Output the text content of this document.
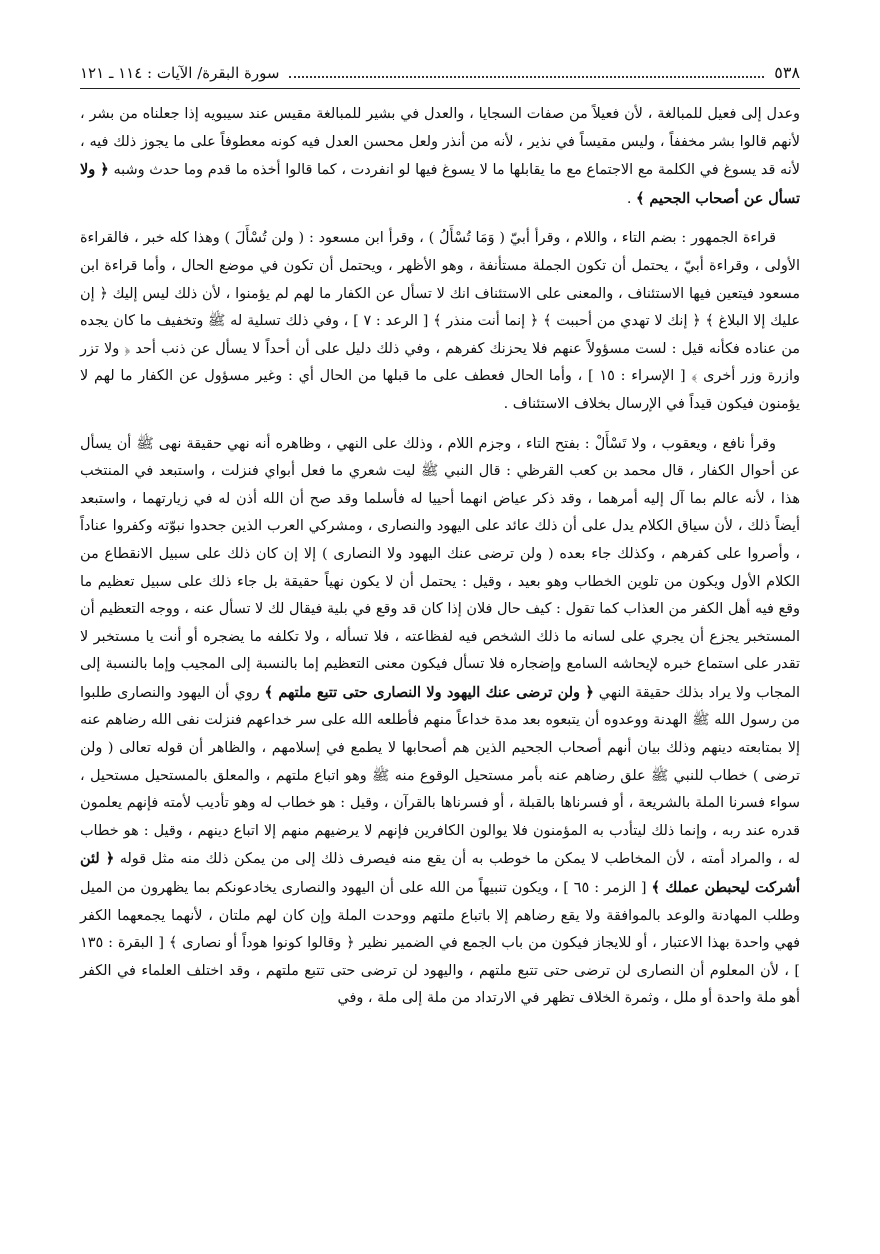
٥٣٨
سورة البقرة/ الآيات : ١١٤ ـ ١٢١

وعدل إلى فعيل للمبالغة ، لأن فعيلاً من صفات السجايا ، والعدل في بشير للمبالغة مقيس عند سيبويه إذا جعلناه من بشر ، لأنهم قالوا بشر مخففاً ، وليس مقيساً في نذير ، لأنه من أنذر ولعل محسن العدل فيه كونه معطوفاً على ما يجوز ذلك فيه ، لأنه قد يسوغ في الكلمة مع الاجتماع مع ما يقابلها ما لا يسوغ فيها لو انفردت ، كما قالوا أخذه ما قدم وما حدث وشبه ﴿ ولا تسأل عن أصحاب الجحيم ﴾ .

قراءة الجمهور : بضم التاء ، واللام ، وقرأ أبيّ ( وَمَا تُسْأَلُ ) ، وقرأ ابن مسعود : ( ولن تُسْأَلَ ) وهذا كله خبر ، فالقراءة الأولى ، وقراءة أبيّ ، يحتمل أن تكون الجملة مستأنفة ، وهو الأظهر ، ويحتمل أن تكون في موضع الحال ، وأما قراءة ابن مسعود فيتعين فيها الاستئناف ، والمعنى على الاستئناف انك لا تسأل عن الكفار ما لهم لم يؤمنوا ، لأن ذلك ليس إليك ﴿ إن عليك إلا البلاغ ﴾ ﴿ إنك لا تهدي من أحببت ﴾ ﴿ إنما أنت منذر ﴾ [ الرعد : ٧ ] ، وفي ذلك تسلية له ﷺ وتخفيف ما كان يجده من عناده فكأنه قيل : لست مسؤولاً عنهم فلا يحزنك كفرهم ، وفي ذلك دليل على أن أحداً لا يسأل عن ذنب أحد ﴿ ولا تزر وازرة وزر أخرى ﴾ [ الإسراء : ١٥ ] ، وأما الحال فعطف على ما قبلها من الحال أي : وغير مسؤول عن الكفار ما لهم لا يؤمنون فيكون قيداً في الإرسال بخلاف الاستئناف .

وقرأ نافع ، ويعقوب ، ولا تَسْأَلْ : بفتح التاء ، وجزم اللام ، وذلك على النهي ، وظاهره أنه نهي حقيقة نهى ﷺ أن يسأل عن أحوال الكفار ، قال محمد بن كعب القرظي : قال النبي ﷺ ليت شعري ما فعل أبواي فنزلت ، واستبعد في المنتخب هذا ، لأنه عالم بما آل إليه أمرهما ، وقد ذكر عياض انهما أحييا له فأسلما وقد صح أن الله أذن له في زيارتهما ، واستبعد أيضاً ذلك ، لأن سياق الكلام يدل على أن ذلك عائد على اليهود والنصارى ، ومشركي العرب الذين جحدوا نبوّته وكفروا عناداً ، وأصروا على كفرهم ، وكذلك جاء بعده ( ولن ترضى عنك اليهود ولا النصارى ) إلا إن كان ذلك على سبيل الانقطاع من الكلام الأول ويكون من تلوين الخطاب وهو بعيد ، وقيل : يحتمل أن لا يكون نهياً حقيقة بل جاء ذلك على سبيل تعظيم ما وقع فيه أهل الكفر من العذاب كما تقول : كيف حال فلان إذا كان قد وقع في بلية فيقال لك لا تسأل عنه ، ووجه التعظيم أن المستخبر يجزع أن يجري على لسانه ما ذلك الشخص فيه لفظاعته ، فلا تسأله ، ولا تكلفه ما يضجره أو أنت يا مستخبر لا تقدر على استماع خبره لإيحاشه السامع وإضجاره فلا تسأل فيكون معنى التعظيم إما بالنسبة إلى المجيب وإما بالنسبة إلى المجاب ولا يراد بذلك حقيقة النهي ﴿ ولن ترضى عنك اليهود ولا النصارى حتى تتبع ملتهم ﴾ روي أن اليهود والنصارى طلبوا من رسول الله ﷺ الهدنة ووعدوه أن يتبعوه بعد مدة خداعاً منهم فأطلعه الله على سر خداعهم فنزلت نفى الله رضاهم عنه إلا بمتابعته دينهم وذلك بيان أنهم أصحاب الجحيم الذين هم أصحابها لا يطمع في إسلامهم ، والظاهر أن قوله تعالى ( ولن ترضى ) خطاب للنبي ﷺ علق رضاهم عنه بأمر مستحيل الوقوع منه ﷺ وهو اتباع ملتهم ، والمعلق بالمستحيل مستحيل ، سواء فسرنا الملة بالشريعة ، أو فسرناها بالقبلة ، أو فسرناها بالقرآن ، وقيل : هو خطاب له وهو تأديب لأمته فإنهم يعلمون قدره عند ربه ، وإنما ذلك ليتأدب به المؤمنون فلا يوالون الكافرين فإنهم لا يرضيهم منهم إلا اتباع دينهم ، وقيل : هو خطاب له ، والمراد أمته ، لأن المخاطب لا يمكن ما خوطب به أن يقع منه فيصرف ذلك إلى من يمكن ذلك منه مثل قوله ﴿ لئن أشركت ليحبطن عملك ﴾ [ الزمر : ٦٥ ] ، ويكون تنبيهاً من الله على أن اليهود والنصارى يخادعونكم بما يظهرون من الميل وطلب المهادنة والوعد بالموافقة ولا يقع رضاهم إلا باتباع ملتهم ووحدت الملة وإن كان لهم ملتان ، لأنهما يجمعهما الكفر فهي واحدة بهذا الاعتبار ، أو للايجاز فيكون من باب الجمع في الضمير نظير ﴿ وقالوا كونوا هوداً أو نصارى ﴾ [ البقرة : ١٣٥ ] ، لأن المعلوم أن النصارى لن ترضى حتى تتبع ملتهم ، واليهود لن ترضى حتى تتبع ملتهم ، وقد اختلف العلماء في الكفر أهو ملة واحدة أو ملل ، وثمرة الخلاف تظهر في الارتداد من ملة إلى ملة ، وفي
